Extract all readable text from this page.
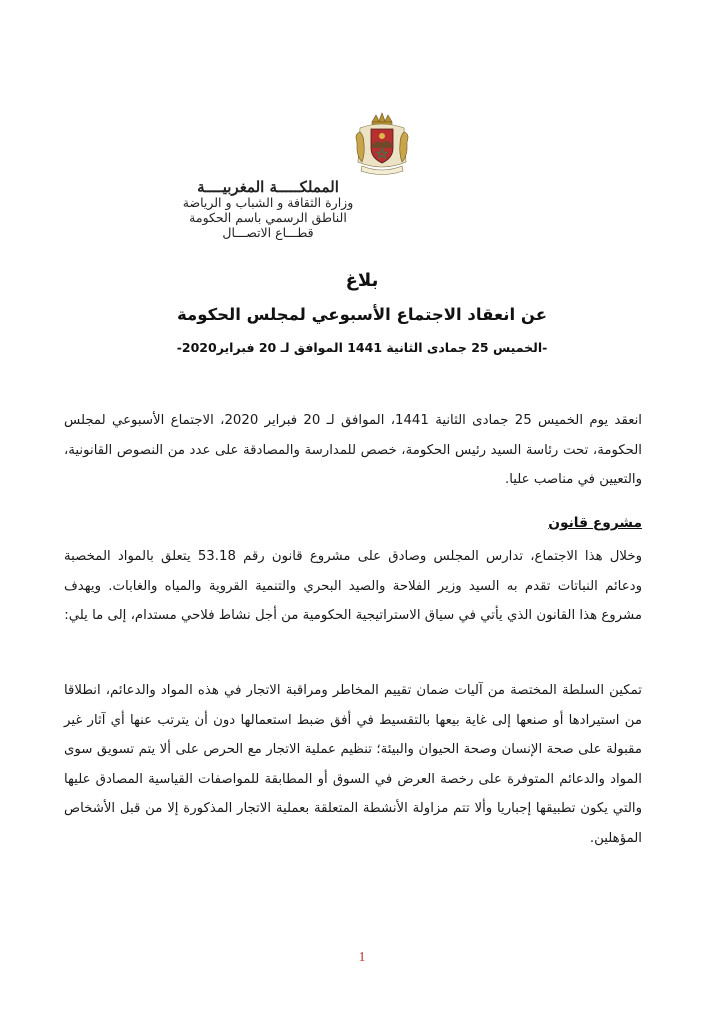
المملكـــــة المغربيــــة
وزارة الثقافة و الشباب و الرياضة
الناطق الرسمي باسم الحكومة
قطـــاع الاتصـــال
بلاغ
عن انعقاد الاجتماع الأسبوعي لمجلس الحكومة
-الخميس 25 جمادى الثانية 1441 الموافق لـ 20 فبراير2020-

انعقد يوم الخميس 25 جمادى الثانية 1441، الموافق لـ 20 فبراير 2020، الاجتماع الأسبوعي لمجلس الحكومة، تحت رئاسة السيد رئيس الحكومة، خصص للمدارسة والمصادقة على عدد من النصوص القانونية، والتعيين في مناصب عليا.

مشروع قانون

وخلال هذا الاجتماع، تدارس المجلس وصادق على مشروع قانون رقم 53.18 يتعلق بالمواد المخصبة ودعائم النباتات تقدم به السيد وزير الفلاحة والصيد البحري والتنمية القروية والمياه والغابات. ويهدف مشروع هذا القانون الذي يأتي في سياق الاستراتيجية الحكومية من أجل نشاط فلاحي مستدام، إلى ما يلي:

تمكين السلطة المختصة من آليات ضمان تقييم المخاطر ومراقبة الاتجار في هذه المواد والدعائم، انطلاقا من استيرادها أو صنعها إلى غاية بيعها بالتقسيط في أفق ضبط استعمالها دون أن يترتب عنها أي آثار غير مقبولة على صحة الإنسان وصحة الحيوان والبيئة؛ تنظيم عملية الاتجار مع الحرص على ألا يتم تسويق سوى المواد والدعائم المتوفرة على رخصة العرض في السوق أو المطابقة للمواصفات القياسية المصادق عليها والتي يكون تطبيقها إجباريا وألا تتم مزاولة الأنشطة المتعلقة بعملية الاتجار المذكورة إلا من قبل الأشخاص المؤهلين.

1
